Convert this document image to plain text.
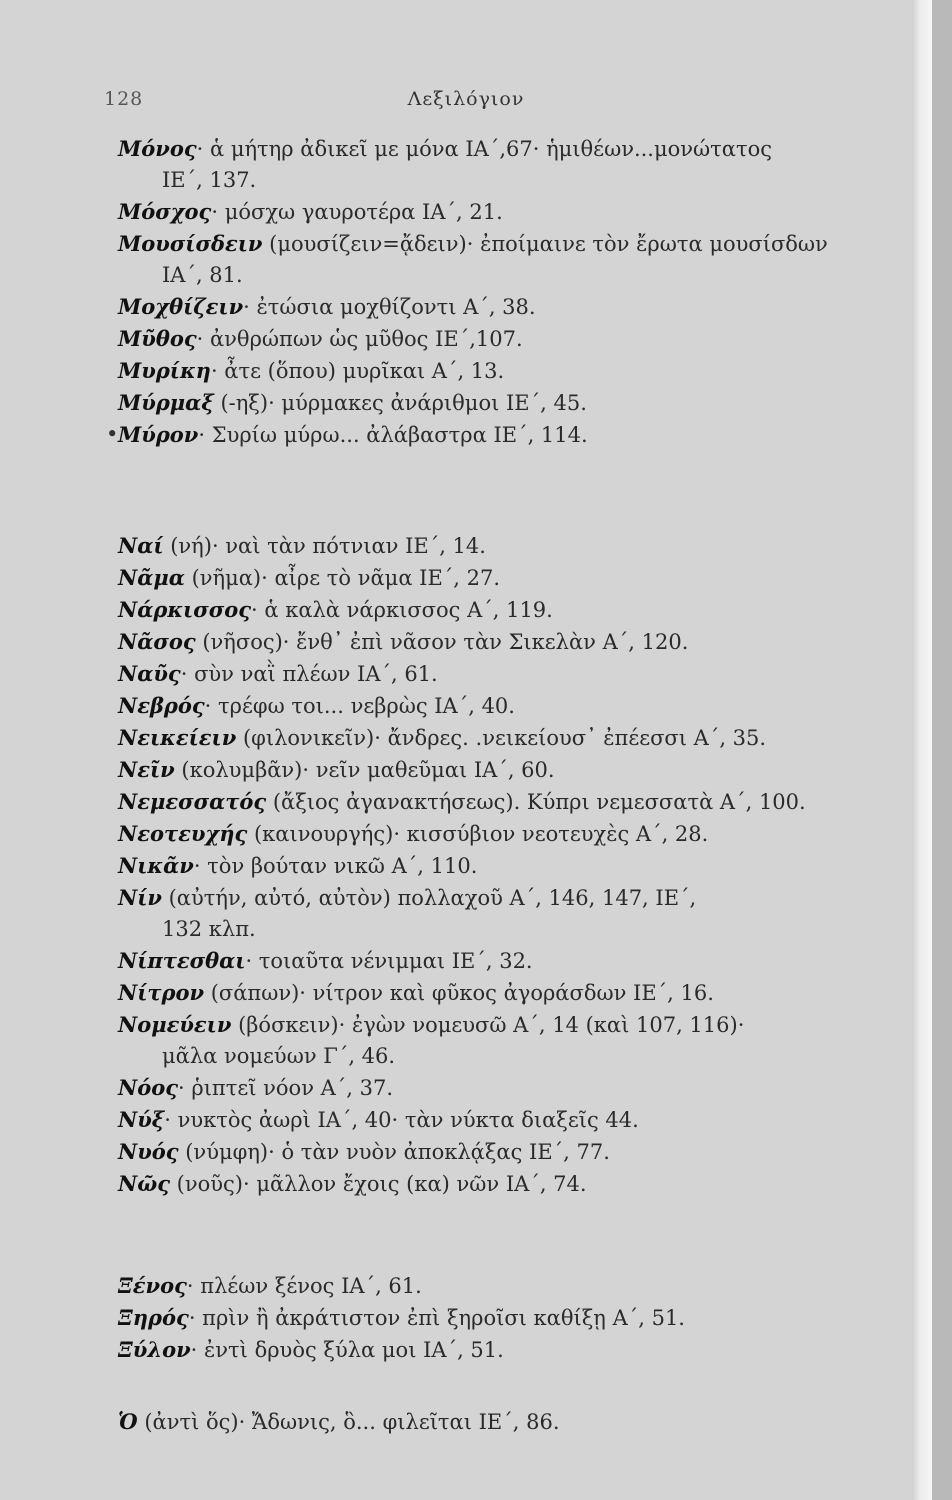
128	Λεξιλόγιον
Μόνος· ἁ μήτηρ ἀδικεῖ με μόνα ΙΑ΄,67· ἡμιθέων...μονώτατος
ΙΕ΄, 137.
Μόσχος· μόσχω γαυροτέρα ΙΑ΄, 21.
Μουσίσδειν (μουσίζειν=ᾄδειν)· ἐποίμαινε τὸν ἔρωτα μουσίσδων
ΙΑ΄, 81.
Μοχθίζειν· ἐτώσια μοχθίζοντι Α΄, 38.
Μῦθος· ἀνθρώπων ὡς μῦθος ΙΕ΄,107.
Μυρίκη· ἆτε (ὅπου) μυρῖκαι Α΄, 13.
Μύρμαξ (-ηξ)· μύρμακες ἀνάριθμοι ΙΕ΄, 45.
• Μύρον· Συρίω μύρω... ἀλάβαστρα ΙΕ΄, 114.
Ναί (νή)· ναὶ τὰν πότνιαν ΙΕ΄, 14.
Νᾶμα (νῆμα)· αἶρε τὸ νᾶμα ΙΕ΄, 27.
Νάρκισσος· ἁ καλὰ νάρκισσος Α΄, 119.
Νᾶσος (νῆσος)· ἔνθ᾽ ἐπὶ νᾶσον τὰν Σικελὰν Α΄, 120.
Ναῦς· σὺν ναῒ πλέων ΙΑ΄, 61.
Νεβρός· τρέφω τοι... νεβρὼς ΙΑ΄, 40.
Νεικείειν (φιλονικεῖν)· ἄνδρες. .νεικείουσ᾽ ἐπέεσσι Α΄, 35.
Νεῖν (κολυμβᾶν)· νεῖν μαθεῦμαι ΙΑ΄, 60.
Νεμεσσατός (ἄξιος ἀγανακτήσεως). Κύπρι νεμεσσατὰ Α΄, 100.
Νεοτευχής (καινουργής)· κισσύβιον νεοτευχὲς Α΄, 28.
Νικᾶν· τὸν βούταν νικῶ Α΄, 110.
Νίν (αὐτήν, αὐτό, αὐτὸν) πολλαχοῦ Α΄, 146, 147, ΙΕ΄,
132 κλπ.
Νίπτεσθαι· τοιαῦτα νένιμμαι ΙΕ΄, 32.
Νίτρον (σάπων)· νίτρον καὶ φῦκος ἀγοράσδων ΙΕ΄, 16.
Νομεύειν (βόσκειν)· ἐγὼν νομευσῶ Α΄, 14 (καὶ 107, 116)·
μᾶλα νομεύων Γ΄, 46.
Νόος· ῥιπτεῖ νόον Α΄, 37.
Νύξ· νυκτὸς ἀωρὶ ΙΑ΄, 40· τὰν νύκτα διαξεῖς 44.
Νυός (νύμφη)· ὁ τὰν νυὸν ἀποκλᾴξας ΙΕ΄, 77.
Νῶς (νοῦς)· μᾶλλον ἔχοις (κα) νῶν ΙΑ΄, 74.
Ξένος· πλέων ξένος ΙΑ΄, 61.
Ξηρός· πρὶν ἢ ἀκράτιστον ἐπὶ ξηροῖσι καθίξῃ Α΄, 51.
Ξύλον· ἐντὶ δρυὸς ξύλα μοι ΙΑ΄, 51.
Ὁ (ἀντὶ ὅς)· Ἄδωνις, ὃ... φιλεῖται ΙΕ΄, 86.
